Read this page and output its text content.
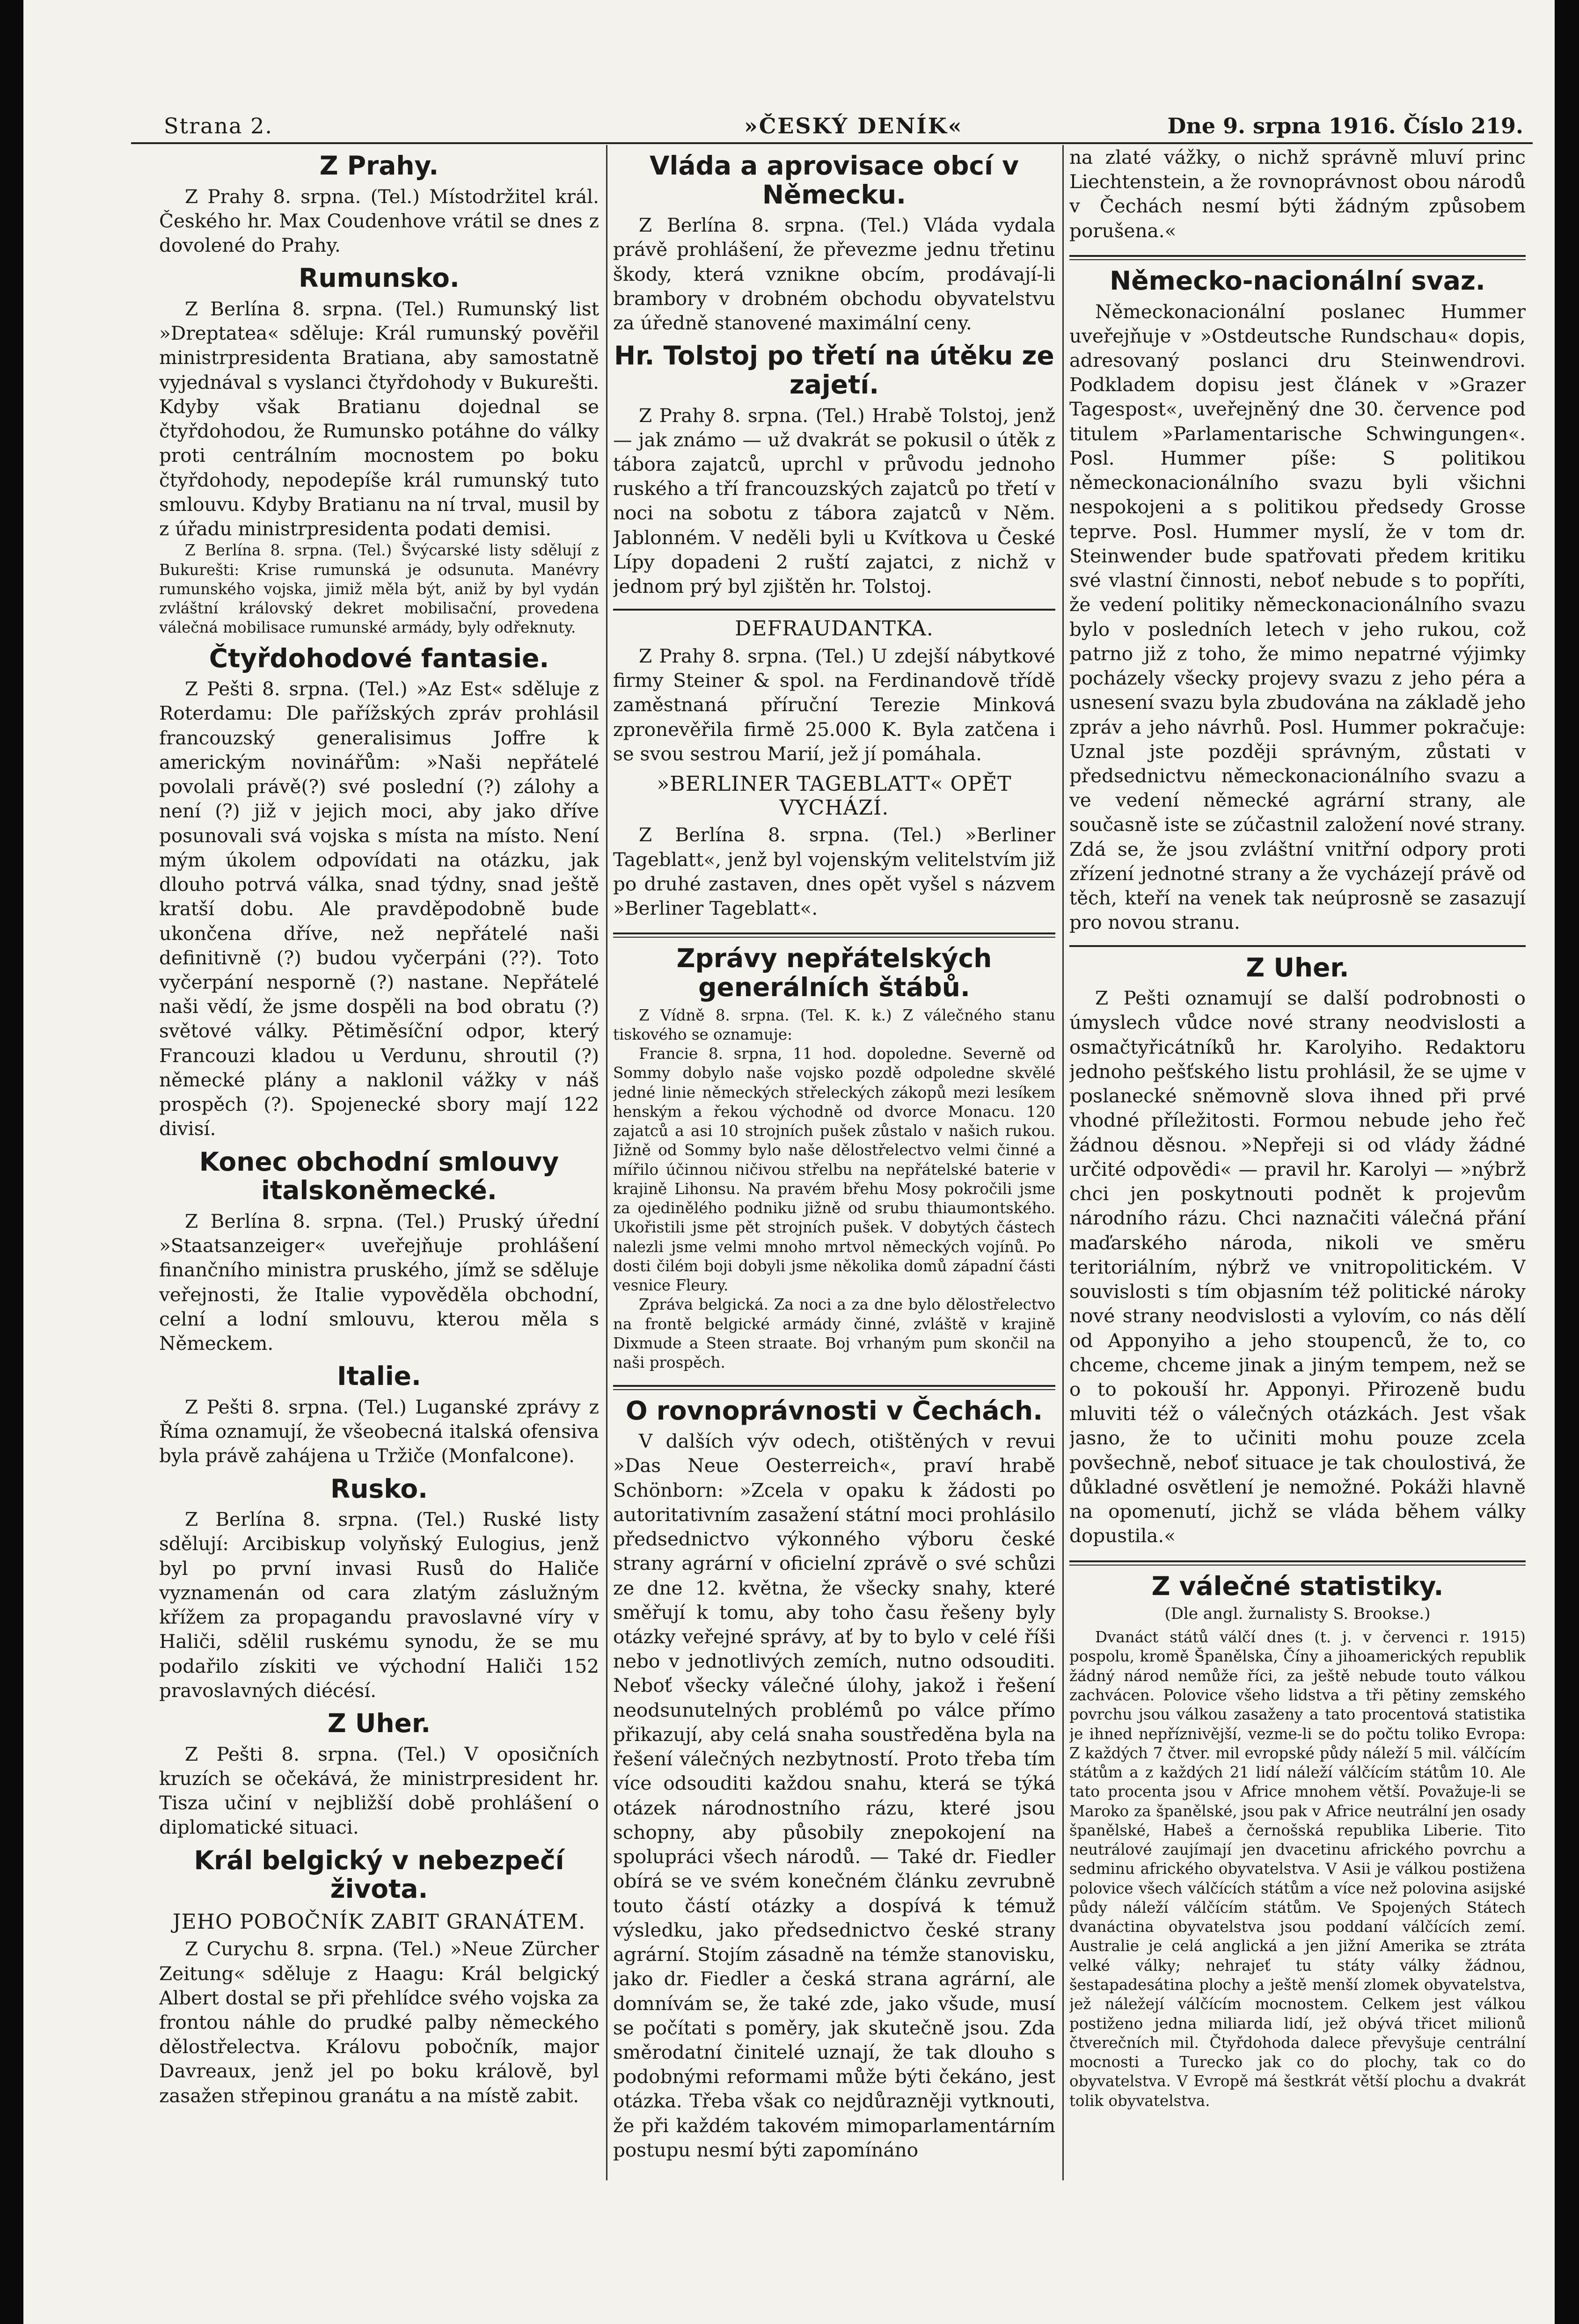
Strana 2.	»ČESKÝ DENÍK«	Dne 9. srpna 1916. Číslo 219.
Z Prahy.

Z Prahy 8. srpna. (Tel.) Místodržitel král. Českého hr. Max Coudenhove vrátil se dnes z dovolené do Prahy.

Rumunsko.

Z Berlína 8. srpna. (Tel.) Rumunský list »Dreptatea« sděluje: Král rumunský pověřil ministrpresidenta Bratiana, aby samostatně vyjednával s vyslanci čtyřdohody v Bukurešti. Kdyby však Bratianu dojednal se čtyřdohodou, že Rumunsko potáhne do války proti centrálním mocnostem po boku čtyřdohody, nepodepíše král rumunský tuto smlouvu. Kdyby Bratianu na ní trval, musil by z úřadu ministrpresidenta podati demisi.

Z Berlína 8. srpna. (Tel.) Švýcarské listy sdělují z Bukurešti: Krise rumunská je odsunuta. Manévry rumunského vojska, jimiž měla být, aniž by byl vydán zvláštní královský dekret mobilisační, provedena válečná mobilisace rumunské armády, byly odřeknuty.

Čtyřdohodové fantasie.

Z Pešti 8. srpna. (Tel.) »Az Est« sděluje z Roterdamu: Dle pařížských zpráv prohlásil francouzský generalisimus Joffre k americkým novinářům: »Naši nepřátelé povolali právě(?) své poslední (?) zálohy a není (?) již v jejich moci, aby jako dříve posunovali svá vojska s místa na místo. Není mým úkolem odpovídati na otázku, jak dlouho potrvá válka, snad týdny, snad ještě kratší dobu. Ale pravděpodobně bude ukončena dříve, než nepřátelé naši definitivně (?) budou vyčerpáni (??). Toto vyčerpání nesporně (?) nastane. Nepřátelé naši vědí, že jsme dospěli na bod obratu (?) světové války. Pětiměsíční odpor, který Francouzi kladou u Verdunu, shroutil (?) německé plány a naklonil vážky v náš prospěch (?). Spojenecké sbory mají 122 divisí.

Konec obchodní smlouvy italskoněmecké.

Z Berlína 8. srpna. (Tel.) Pruský úřední »Staatsanzeiger« uveřejňuje prohlášení finančního ministra pruského, jímž se sděluje veřejnosti, že Italie vypověděla obchodní, celní a lodní smlouvu, kterou měla s Německem.

Italie.

Z Pešti 8. srpna. (Tel.) Luganské zprávy z Říma oznamují, že všeobecná italská ofensiva byla právě zahájena u Tržiče (Monfalcone).

Rusko.

Z Berlína 8. srpna. (Tel.) Ruské listy sdělují: Arcibiskup volyňský Eulogius, jenž byl po první invasi Rusů do Haliče vyznamenán od cara zlatým záslužným křížem za propagandu pravoslavné víry v Haliči, sdělil ruskému synodu, že se mu podařilo získiti ve východní Haliči 152 pravoslavných diécésí.

Z Uher.

Z Pešti 8. srpna. (Tel.) V oposičních kruzích se očekává, že ministrpresident hr. Tisza učiní v nejbližší době prohlášení o diplomatické situaci.

Král belgický v nebezpečí života.
JEHO POBOČNÍK ZABIT GRANÁTEM.

Z Curychu 8. srpna. (Tel.) »Neue Zürcher Zeitung« sděluje z Haagu: Král belgický Albert dostal se při přehlídce svého vojska za frontou náhle do prudké palby německého dělostřelectva. Královu pobočník, major Davreaux, jenž jel po boku králově, byl zasažen střepinou granátu a na místě zabit.

Vláda a aprovisace obcí v Německu.

Z Berlína 8. srpna. (Tel.) Vláda vydala právě prohlášení, že převezme jednu třetinu škody, která vznikne obcím, prodávají-li brambory v drobném obchodu obyvatelstvu za úředně stanovené maximální ceny.

Hr. Tolstoj po třetí na útěku ze zajetí.

Z Prahy 8. srpna. (Tel.) Hrabě Tolstoj, jenž — jak známo — už dvakrát se pokusil o útěk z tábora zajatců, uprchl v průvodu jednoho ruského a tří francouzských zajatců po třetí v noci na sobotu z tábora zajatců v Něm. Jablonném. V neděli byli u Kvítkova u České Lípy dopadeni 2 ruští zajatci, z nichž v jednom prý byl zjištěn hr. Tolstoj.

DEFRAUDANTKA.

Z Prahy 8. srpna. (Tel.) U zdejší nábytkové firmy Steiner & spol. na Ferdinandově třídě zaměstnaná příruční Terezie Minková zpronevěřila firmě 25.000 K. Byla zatčena i se svou sestrou Marií, jež jí pomáhala.

»BERLINER TAGEBLATT« OPĚT VYCHÁZÍ.

Z Berlína 8. srpna. (Tel.) »Berliner Tageblatt«, jenž byl vojenským velitelstvím již po druhé zastaven, dnes opět vyšel s názvem »Berliner Tageblatt«.

Zprávy nepřátelských generálních štábů.

Z Vídně 8. srpna. (Tel. K. k.) Z válečného stanu tiskového se oznamuje:

Francie 8. srpna, 11 hod. dopoledne. Severně od Sommy dobylo naše vojsko pozdě odpoledne skvělé jedné linie německých střeleckých zákopů mezi lesíkem henským a řekou východně od dvorce Monacu. 120 zajatců a asi 10 strojních pušek zůstalo v našich rukou. Jižně od Sommy bylo naše dělostřelectvo velmi činné a mířilo účinnou ničivou střelbu na nepřátelské baterie v krajině Lihonsu. Na pravém břehu Mosy pokročili jsme za ojedinělého podniku jižně od srubu thiaumontského. Ukořistili jsme pět strojních pušek. V dobytých částech nalezli jsme velmi mnoho mrtvol německých vojínů. Po dosti čilém boji dobyli jsme několika domů západní části vesnice Fleury.

Zpráva belgická. Za noci a za dne bylo dělostřelectvo na frontě belgické armády činné, zvláště v krajině Dixmude a Steen straate. Boj vrhaným pum skončil na naši prospěch.

O rovnoprávnosti v Čechách.

V dalších výv odech, otištěných v revui »Das Neue Oesterreich«, praví hrabě Schönborn: »Zcela v opaku k žádosti po autoritativním zasažení státní moci prohlásilo předsednictvo výkonného výboru české strany agrární v oficielní zprávě o své schůzi ze dne 12. května, že všecky snahy, které směřují k tomu, aby toho času řešeny byly otázky veřejné správy, ať by to bylo v celé říši nebo v jednotlivých zemích, nutno odsouditi. Neboť všecky válečné úlohy, jakož i řešení neodsunutelných problémů po válce přímo přikazují, aby celá snaha soustředěna byla na řešení válečných nezbytností. Proto třeba tím více odsouditi každou snahu, která se týká otázek národnostního rázu, které jsou schopny, aby působily znepokojení na spolupráci všech národů. — Také dr. Fiedler obírá se ve svém konečném článku zevrubně touto částí otázky a dospívá k témuž výsledku, jako předsednictvo české strany agrární. Stojím zásadně na témže stanovisku, jako dr. Fiedler a česká strana agrární, ale domnívám se, že také zde, jako všude, musí se počítati s poměry, jak skutečně jsou. Zda směrodatní činitelé uznají, že tak dlouho s podobnými reformami může býti čekáno, jest otázka. Třeba však co nejdůrazněji vytknouti, že při každém takovém mimoparlamentárním postupu nesmí býti zapomínáno

na zlaté vážky, o nichž správně mluví princ Liechtenstein, a že rovnoprávnost obou národů v Čechách nesmí býti žádným způsobem porušena.«

Německo-nacionální svaz.

Německonacionální poslanec Hummer uveřejňuje v »Ostdeutsche Rundschau« dopis, adresovaný poslanci dru Steinwendrovi. Podkladem dopisu jest článek v »Grazer Tagespost«, uveřejněný dne 30. července pod titulem »Parlamentarische Schwingungen«. Posl. Hummer píše: S politikou německonacionálního svazu byli všichni nespokojeni a s politikou předsedy Grosse teprve. Posl. Hummer myslí, že v tom dr. Steinwender bude spatřovati předem kritiku své vlastní činnosti, neboť nebude s to popříti, že vedení politiky německonacionálního svazu bylo v posledních letech v jeho rukou, což patrno již z toho, že mimo nepatrné výjimky pocházely všecky projevy svazu z jeho péra a usnesení svazu byla zbudována na základě jeho zpráv a jeho návrhů. Posl. Hummer pokračuje: Uznal jste později správným, zůstati v předsednictvu německonacionálního svazu a ve vedení německé agrární strany, ale současně iste se zúčastnil založení nové strany. Zdá se, že jsou zvláštní vnitřní odpory proti zřízení jednotné strany a že vycházejí právě od těch, kteří na venek tak neúprosně se zasazují pro novou stranu.

Z Uher.

Z Pešti oznamují se další podrobnosti o úmyslech vůdce nové strany neodvislosti a osmačtyřicátníků hr. Karolyiho. Redaktoru jednoho pešťského listu prohlásil, že se ujme v poslanecké sněmovně slova ihned při prvé vhodné příležitosti. Formou nebude jeho řeč žádnou děsnou. »Nepřeji si od vlády žádné určité odpovědi« — pravil hr. Karolyi — »nýbrž chci jen poskytnouti podnět k projevům národního rázu. Chci naznačiti válečná přání maďarského národa, nikoli ve směru teritoriálním, nýbrž ve vnitropolitickém. V souvislosti s tím objasním též politické nároky nové strany neodvislosti a vylovím, co nás dělí od Apponyiho a jeho stoupenců, že to, co chceme, chceme jinak a jiným tempem, než se o to pokouší hr. Apponyi. Přirozeně budu mluviti též o válečných otázkách. Jest však jasno, že to učiniti mohu pouze zcela povšechně, neboť situace je tak choulostivá, že důkladné osvětlení je nemožné. Pokáži hlavně na opomenutí, jichž se vláda během války dopustila.«

Z válečné statistiky.
(Dle angl. žurnalisty S. Brookse.)

Dvanáct států válčí dnes (t. j. v červenci r. 1915) pospolu, kromě Španělska, Číny a jihoamerických republik žádný národ nemůže říci, za ještě nebude touto válkou zachvácen. Polovice všeho lidstva a tři pětiny zemského povrchu jsou válkou zasaženy a tato procentová statistika je ihned nepříznivější, vezme-li se do počtu toliko Evropa: Z každých 7 čtver. mil evropské půdy náleží 5 mil. válčícím státům a z každých 21 lidí náleží válčícím státům 10. Ale tato procenta jsou v Africe mnohem větší. Považuje-li se Maroko za španělské, jsou pak v Africe neutrální jen osady španělské, Habeš a černošská republika Liberie. Tito neutrálové zaujímají jen dvacetinu afrického povrchu a sedminu afrického obyvatelstva. V Asii je válkou postižena polovice všech válčících státům a více než polovina asijské půdy náleží válčícím státům. Ve Spojených Státech dvanáctina obyvatelstva jsou poddaní válčících zemí. Australie je celá anglická a jen jižní Amerika se ztráta velké války; nehrajeť tu státy války žádnou, šestapadesátina plochy a ještě menší zlomek obyvatelstva, jež náležejí válčícím mocnostem. Celkem jest válkou postiženo jedna miliarda lidí, jež obývá třicet milionů čtverečních mil. Čtyřdohoda dalece převyšuje centrální mocnosti a Turecko jak co do plochy, tak co do obyvatelstva. V Evropě má šestkrát větší plochu a dvakrát tolik obyvatelstva.
